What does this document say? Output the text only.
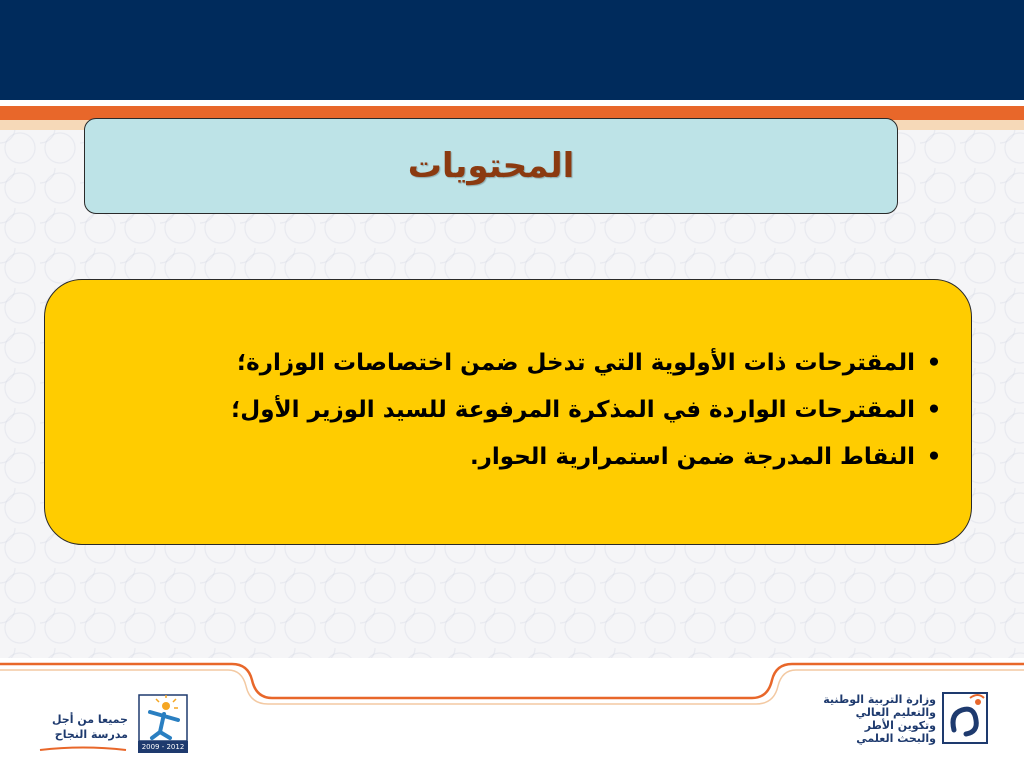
المحتويات
•المقترحات ذات الأولوية التي تدخل ضمن اختصاصات الوزارة؛
•المقترحات الواردة في المذكرة المرفوعة للسيد الوزير الأول؛
•النقاط المدرجة ضمن استمرارية الحوار.
جميعا من أجل
مدرسة النجاح
2009 - 2012
وزارة التربية الوطنية
والتعليم العالي
وتكوين الأطر
والبحث العلمي
